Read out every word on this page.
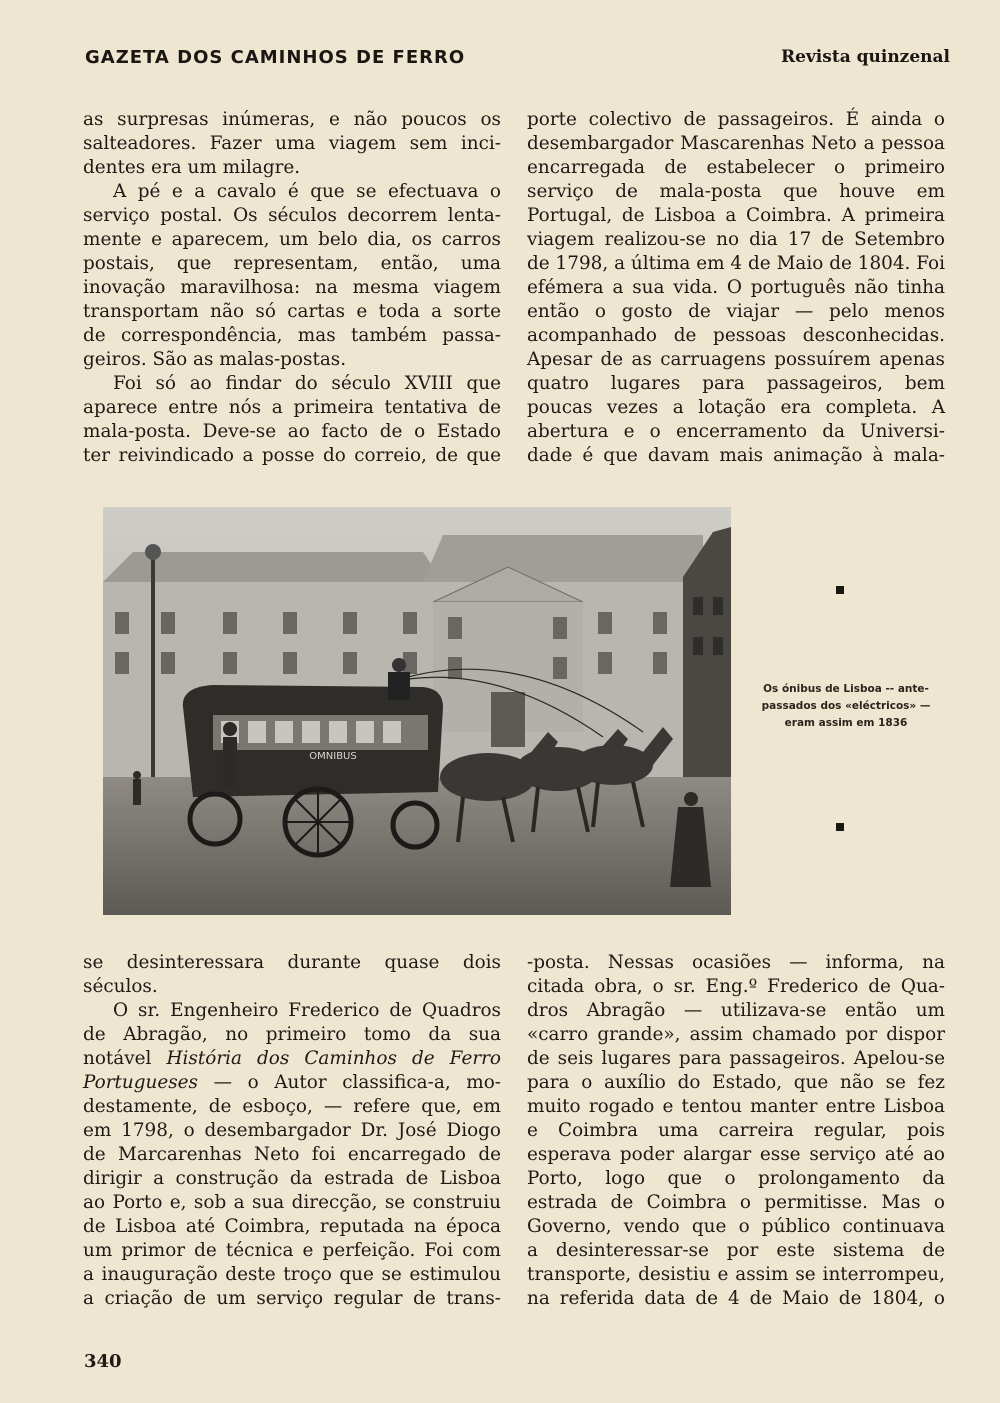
GAZETA DOS CAMINHOS DE FERRO	Revista quinzenal
as surpresas inúmeras, e não poucos os
salteadores. Fazer uma viagem sem inci-
dentes era um milagre.
A pé e a cavalo é que se efectuava o
serviço postal. Os séculos decorrem lenta-
mente e aparecem, um belo dia, os carros
postais, que representam, então, uma
inovação maravilhosa: na mesma viagem
transportam não só cartas e toda a sorte
de correspondência, mas também passa-
geiros. São as malas-postas.
Foi só ao findar do século XVIII que
aparece entre nós a primeira tentativa de
mala-posta. Deve-se ao facto de o Estado
ter reivindicado a posse do correio, de que
porte colectivo de passageiros. É ainda o
desembargador Mascarenhas Neto a pessoa
encarregada de estabelecer o primeiro
serviço de mala-posta que houve em
Portugal, de Lisboa a Coimbra. A primeira
viagem realizou-se no dia 17 de Setembro
de 1798, a última em 4 de Maio de 1804. Foi
efémera a sua vida. O português não tinha
então o gosto de viajar — pelo menos
acompanhado de pessoas desconhecidas.
Apesar de as carruagens possuírem apenas
quatro lugares para passageiros, bem
poucas vezes a lotação era completa. A
abertura e o encerramento da Universi-
dade é que davam mais animação à mala-
OMNIBUS
Os ónibus de Lisboa -- ante-
passados dos «eléctricos» —
eram assim em 1836
se desinteressara durante quase dois
séculos.
O sr. Engenheiro Frederico de Quadros
de Abragão, no primeiro tomo da sua
notável História dos Caminhos de Ferro
Portugueses — o Autor classifica-a, mo-
destamente, de esboço, — refere que, em
em 1798, o desembargador Dr. José Diogo
de Marcarenhas Neto foi encarregado de
dirigir a construção da estrada de Lisboa
ao Porto e, sob a sua direcção, se construiu
de Lisboa até Coimbra, reputada na época
um primor de técnica e perfeição. Foi com
a inauguração deste troço que se estimulou
a criação de um serviço regular de trans-
-posta. Nessas ocasiões — informa, na
citada obra, o sr. Eng.º Frederico de Qua-
dros Abragão — utilizava-se então um
«carro grande», assim chamado por dispor
de seis lugares para passageiros. Apelou-se
para o auxílio do Estado, que não se fez
muito rogado e tentou manter entre Lisboa
e Coimbra uma carreira regular, pois
esperava poder alargar esse serviço até ao
Porto, logo que o prolongamento da
estrada de Coimbra o permitisse. Mas o
Governo, vendo que o público continuava
a desinteressar-se por este sistema de
transporte, desistiu e assim se interrompeu,
na referida data de 4 de Maio de 1804, o
340
